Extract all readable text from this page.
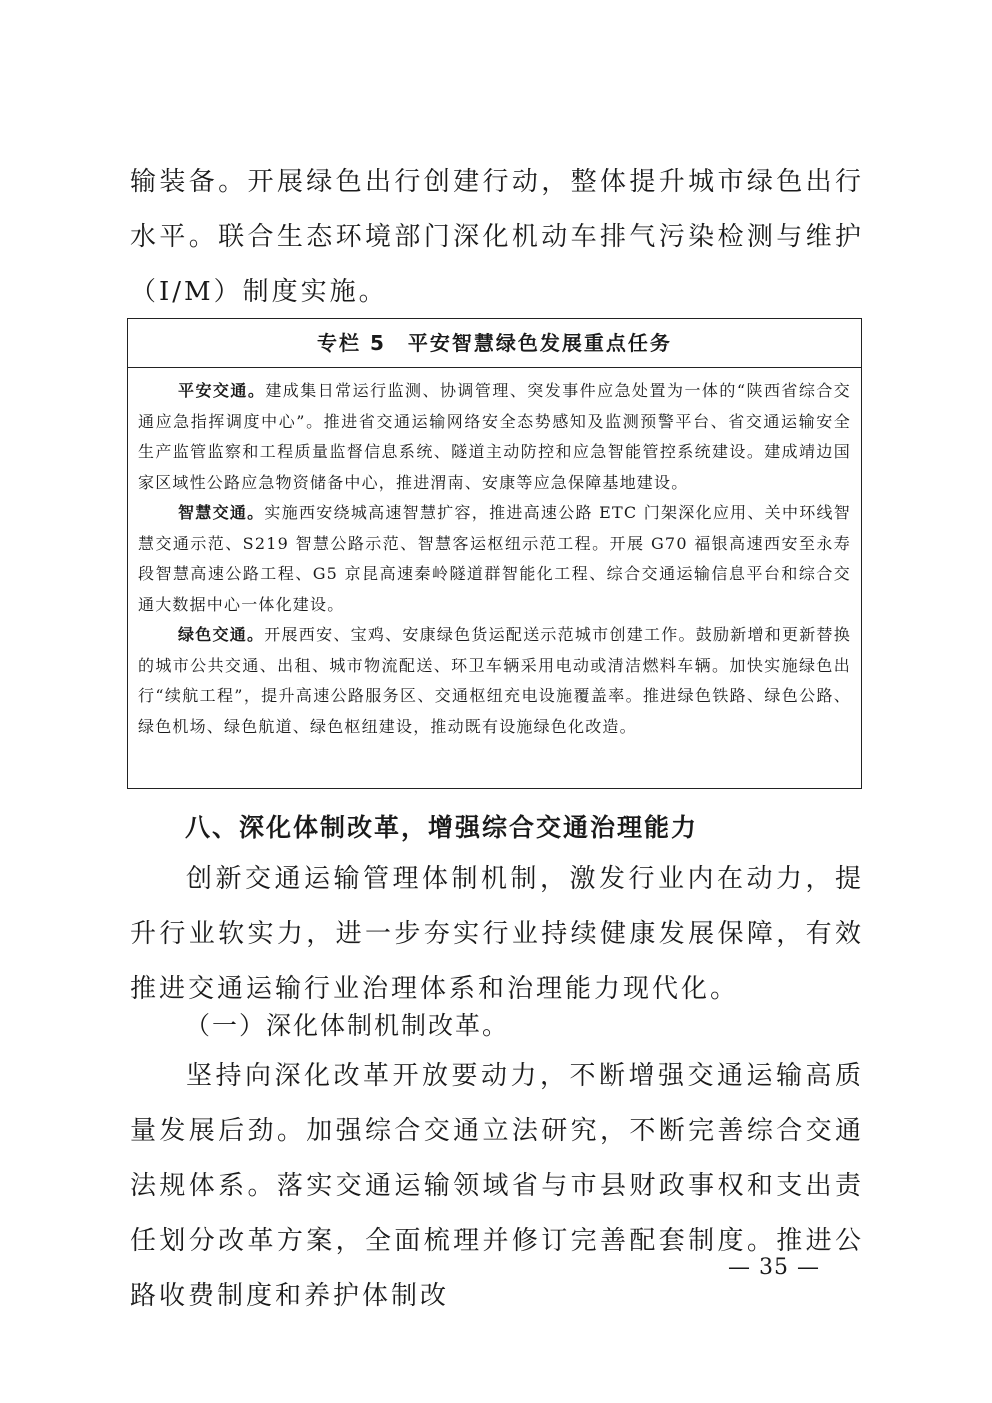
输装备。开展绿色出行创建行动，整体提升城市绿色出行水平。联合生态环境部门深化机动车排气污染检测与维护（I/M）制度实施。

专栏 5　平安智慧绿色发展重点任务

平安交通。建成集日常运行监测、协调管理、突发事件应急处置为一体的“陕西省综合交通应急指挥调度中心”。推进省交通运输网络安全态势感知及监测预警平台、省交通运输安全生产监管监察和工程质量监督信息系统、隧道主动防控和应急智能管控系统建设。建成靖边国家区域性公路应急物资储备中心，推进渭南、安康等应急保障基地建设。

智慧交通。实施西安绕城高速智慧扩容，推进高速公路 ETC 门架深化应用、关中环线智慧交通示范、S219 智慧公路示范、智慧客运枢纽示范工程。开展 G70 福银高速西安至永寿段智慧高速公路工程、G5 京昆高速秦岭隧道群智能化工程、综合交通运输信息平台和综合交通大数据中心一体化建设。

绿色交通。开展西安、宝鸡、安康绿色货运配送示范城市创建工作。鼓励新增和更新替换的城市公共交通、出租、城市物流配送、环卫车辆采用电动或清洁燃料车辆。加快实施绿色出行“续航工程”，提升高速公路服务区、交通枢纽充电设施覆盖率。推进绿色铁路、绿色公路、绿色机场、绿色航道、绿色枢纽建设，推动既有设施绿色化改造。

八、深化体制改革，增强综合交通治理能力

创新交通运输管理体制机制，激发行业内在动力，提升行业软实力，进一步夯实行业持续健康发展保障，有效推进交通运输行业治理体系和治理能力现代化。

（一）深化体制机制改革。

坚持向深化改革开放要动力，不断增强交通运输高质量发展后劲。加强综合交通立法研究，不断完善综合交通法规体系。落实交通运输领域省与市县财政事权和支出责任划分改革方案，全面梳理并修订完善配套制度。推进公路收费制度和养护体制改

— 35 —
